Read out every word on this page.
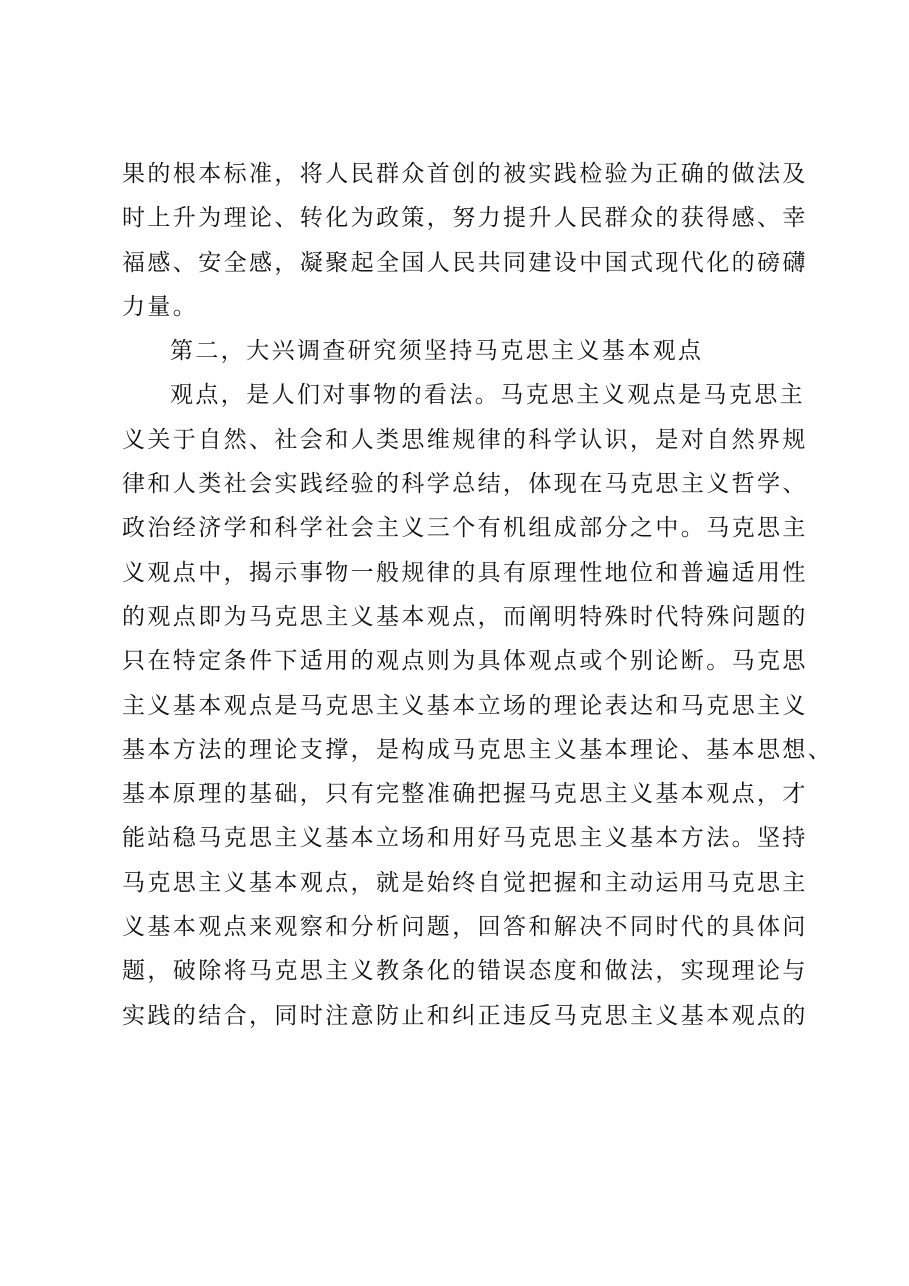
果的根本标准，将人民群众首创的被实践检验为正确的做法及
时上升为理论、转化为政策，努力提升人民群众的获得感、幸
福感、安全感，凝聚起全国人民共同建设中国式现代化的磅礴
力量。
第二，大兴调查研究须坚持马克思主义基本观点
观点，是人们对事物的看法。马克思主义观点是马克思主
义关于自然、社会和人类思维规律的科学认识，是对自然界规
律和人类社会实践经验的科学总结，体现在马克思主义哲学、
政治经济学和科学社会主义三个有机组成部分之中。马克思主
义观点中，揭示事物一般规律的具有原理性地位和普遍适用性
的观点即为马克思主义基本观点，而阐明特殊时代特殊问题的
只在特定条件下适用的观点则为具体观点或个别论断。马克思
主义基本观点是马克思主义基本立场的理论表达和马克思主义
基本方法的理论支撑，是构成马克思主义基本理论、基本思想、
基本原理的基础，只有完整准确把握马克思主义基本观点，才
能站稳马克思主义基本立场和用好马克思主义基本方法。坚持
马克思主义基本观点，就是始终自觉把握和主动运用马克思主
义基本观点来观察和分析问题，回答和解决不同时代的具体问
题，破除将马克思主义教条化的错误态度和做法，实现理论与
实践的结合，同时注意防止和纠正违反马克思主义基本观点的
